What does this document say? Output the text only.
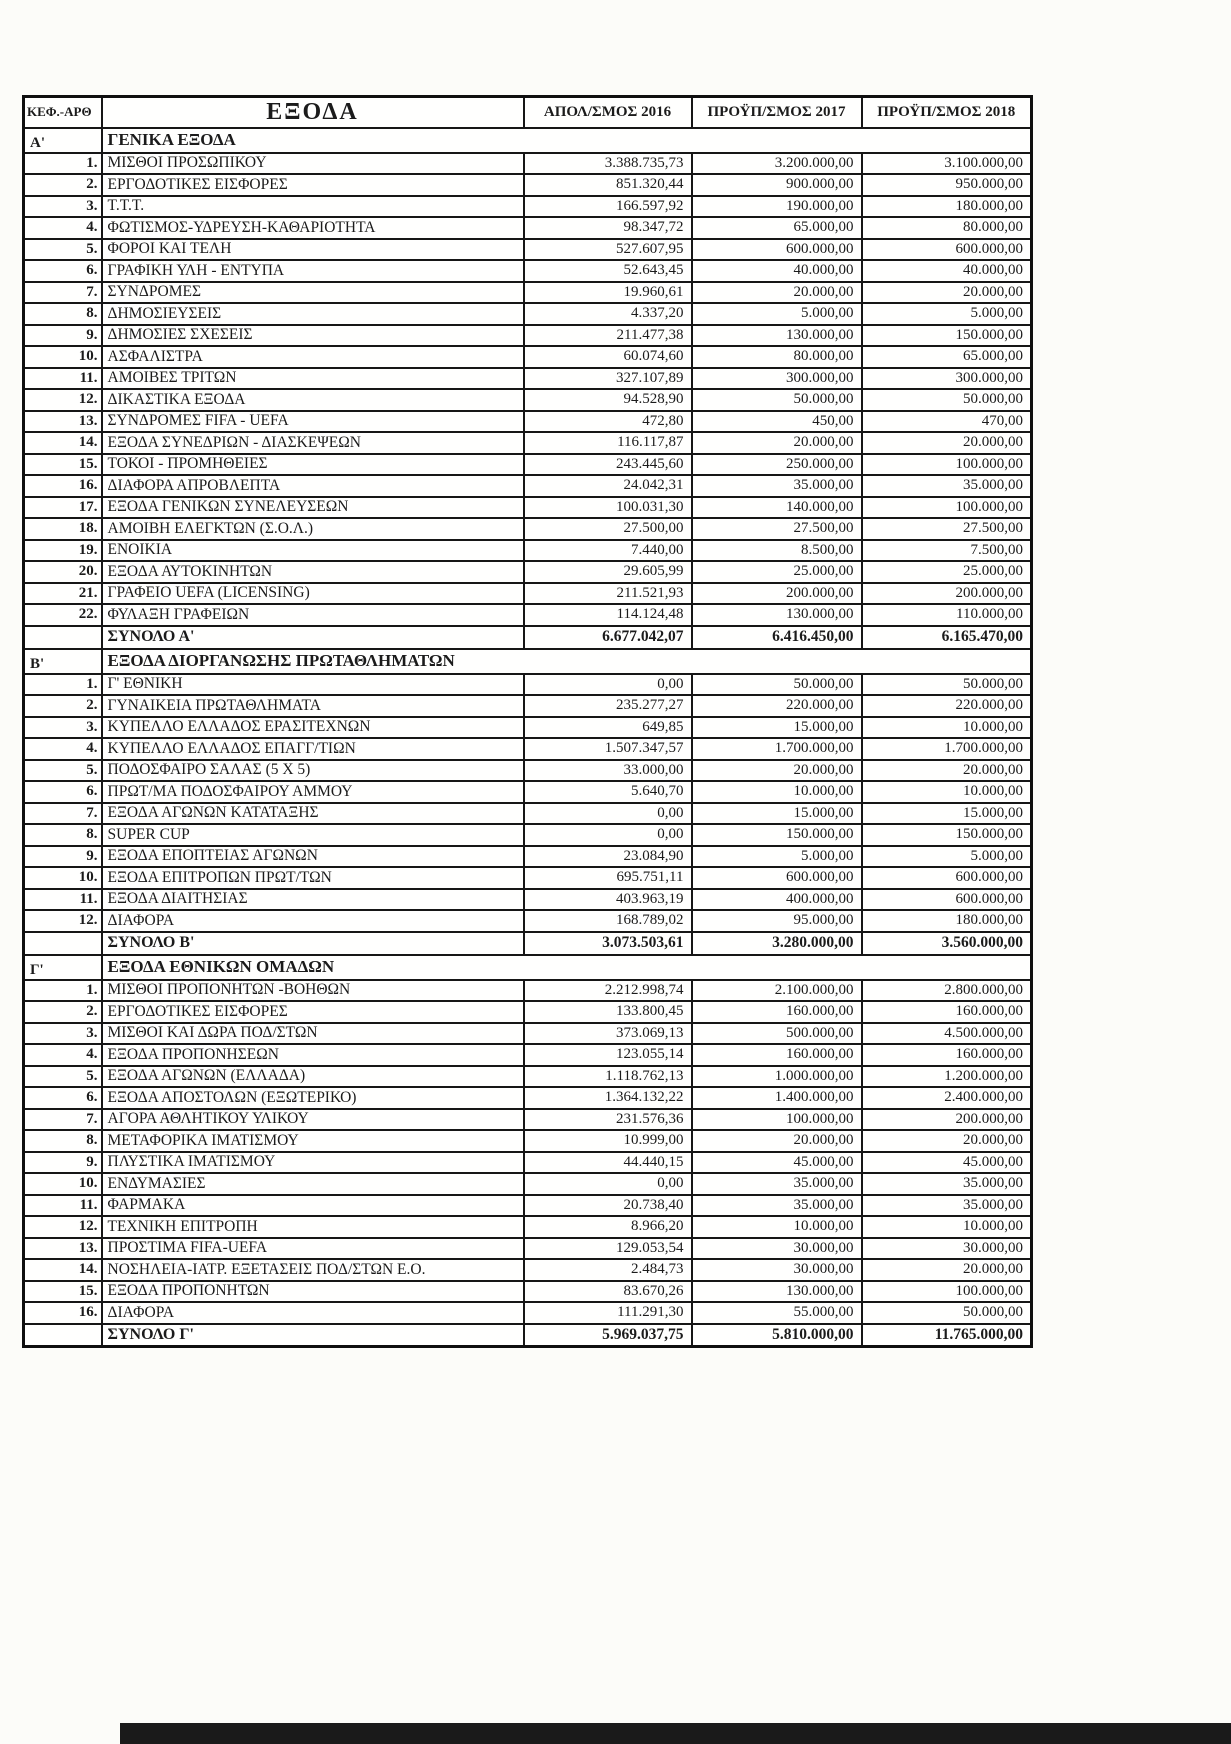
ΚΕΦ.-ΑΡΘ	ΕΞΟΔΑ	ΑΠΟΛ/ΣΜΟΣ 2016	ΠΡΟΫΠ/ΣΜΟΣ 2017	ΠΡΟΫΠ/ΣΜΟΣ 2018
Α'	ΓΕΝΙΚΑ ΕΞΟΔΑ			
1.	ΜΙΣΘΟΙ ΠΡΟΣΩΠΙΚΟΥ	3.388.735,73	3.200.000,00	3.100.000,00
2.	ΕΡΓΟΔΟΤΙΚΕΣ ΕΙΣΦΟΡΕΣ	851.320,44	900.000,00	950.000,00
3.	Τ.Τ.Τ.	166.597,92	190.000,00	180.000,00
4.	ΦΩΤΙΣΜΟΣ-ΥΔΡΕΥΣΗ-ΚΑΘΑΡΙΟΤΗΤΑ	98.347,72	65.000,00	80.000,00
5.	ΦΟΡΟΙ ΚΑΙ ΤΕΛΗ	527.607,95	600.000,00	600.000,00
6.	ΓΡΑΦΙΚΗ ΥΛΗ - ΕΝΤΥΠΑ	52.643,45	40.000,00	40.000,00
7.	ΣΥΝΔΡΟΜΕΣ	19.960,61	20.000,00	20.000,00
8.	ΔΗΜΟΣΙΕΥΣΕΙΣ	4.337,20	5.000,00	5.000,00
9.	ΔΗΜΟΣΙΕΣ ΣΧΕΣΕΙΣ	211.477,38	130.000,00	150.000,00
10.	ΑΣΦΑΛΙΣΤΡΑ	60.074,60	80.000,00	65.000,00
11.	ΑΜΟΙΒΕΣ ΤΡΙΤΩΝ	327.107,89	300.000,00	300.000,00
12.	ΔΙΚΑΣΤΙΚΑ ΕΞΟΔΑ	94.528,90	50.000,00	50.000,00
13.	ΣΥΝΔΡΟΜΕΣ FIFA - UEFA	472,80	450,00	470,00
14.	ΕΞΟΔΑ ΣΥΝΕΔΡΙΩΝ - ΔΙΑΣΚΕΨΕΩΝ	116.117,87	20.000,00	20.000,00
15.	ΤΟΚΟΙ - ΠΡΟΜΗΘΕΙΕΣ	243.445,60	250.000,00	100.000,00
16.	ΔΙΑΦΟΡΑ ΑΠΡΟΒΛΕΠΤΑ	24.042,31	35.000,00	35.000,00
17.	ΕΞΟΔΑ ΓΕΝΙΚΩΝ ΣΥΝΕΛΕΥΣΕΩΝ	100.031,30	140.000,00	100.000,00
18.	ΑΜΟΙΒΗ ΕΛΕΓΚΤΩΝ (Σ.Ο.Λ.)	27.500,00	27.500,00	27.500,00
19.	ΕΝΟΙΚΙΑ	7.440,00	8.500,00	7.500,00
20.	ΕΞΟΔΑ ΑΥΤΟΚΙΝΗΤΩΝ	29.605,99	25.000,00	25.000,00
21.	ΓΡΑΦΕΙΟ UEFA (LICENSING)	211.521,93	200.000,00	200.000,00
22.	ΦΥΛΑΞΗ ΓΡΑΦΕΙΩΝ	114.124,48	130.000,00	110.000,00
	ΣΥΝΟΛΟ Α'	6.677.042,07	6.416.450,00	6.165.470,00
Β'	ΕΞΟΔΑ ΔΙΟΡΓΑΝΩΣΗΣ ΠΡΩΤΑΘΛΗΜΑΤΩΝ			
1.	Γ' ΕΘΝΙΚΗ	0,00	50.000,00	50.000,00
2.	ΓΥΝΑΙΚΕΙΑ ΠΡΩΤΑΘΛΗΜΑΤΑ	235.277,27	220.000,00	220.000,00
3.	ΚΥΠΕΛΛΟ ΕΛΛΑΔΟΣ ΕΡΑΣΙΤΕΧΝΩΝ	649,85	15.000,00	10.000,00
4.	ΚΥΠΕΛΛΟ ΕΛΛΑΔΟΣ ΕΠΑΓΓ/ΤΙΩΝ	1.507.347,57	1.700.000,00	1.700.000,00
5.	ΠΟΔΟΣΦΑΙΡΟ ΣΑΛΑΣ (5 Χ 5)	33.000,00	20.000,00	20.000,00
6.	ΠΡΩΤ/ΜΑ ΠΟΔΟΣΦΑΙΡΟΥ ΑΜΜΟΥ	5.640,70	10.000,00	10.000,00
7.	ΕΞΟΔΑ ΑΓΩΝΩΝ ΚΑΤΑΤΑΞΗΣ	0,00	15.000,00	15.000,00
8.	SUPER CUP	0,00	150.000,00	150.000,00
9.	ΕΞΟΔΑ ΕΠΟΠΤΕΙΑΣ ΑΓΩΝΩΝ	23.084,90	5.000,00	5.000,00
10.	ΕΞΟΔΑ ΕΠΙΤΡΟΠΩΝ ΠΡΩΤ/ΤΩΝ	695.751,11	600.000,00	600.000,00
11.	ΕΞΟΔΑ ΔΙΑΙΤΗΣΙΑΣ	403.963,19	400.000,00	600.000,00
12.	ΔΙΑΦΟΡΑ	168.789,02	95.000,00	180.000,00
	ΣΥΝΟΛΟ Β'	3.073.503,61	3.280.000,00	3.560.000,00
Γ'	ΕΞΟΔΑ ΕΘΝΙΚΩΝ ΟΜΑΔΩΝ			
1.	ΜΙΣΘΟΙ ΠΡΟΠΟΝΗΤΩΝ -ΒΟΗΘΩΝ	2.212.998,74	2.100.000,00	2.800.000,00
2.	ΕΡΓΟΔΟΤΙΚΕΣ ΕΙΣΦΟΡΕΣ	133.800,45	160.000,00	160.000,00
3.	ΜΙΣΘΟΙ ΚΑΙ ΔΩΡΑ ΠΟΔ/ΣΤΩΝ	373.069,13	500.000,00	4.500.000,00
4.	ΕΞΟΔΑ ΠΡΟΠΟΝΗΣΕΩΝ	123.055,14	160.000,00	160.000,00
5.	ΕΞΟΔΑ ΑΓΩΝΩΝ (ΕΛΛΑΔΑ)	1.118.762,13	1.000.000,00	1.200.000,00
6.	ΕΞΟΔΑ ΑΠΟΣΤΟΛΩΝ (ΕΞΩΤΕΡΙΚΟ)	1.364.132,22	1.400.000,00	2.400.000,00
7.	ΑΓΟΡΑ ΑΘΛΗΤΙΚΟΥ ΥΛΙΚΟΥ	231.576,36	100.000,00	200.000,00
8.	ΜΕΤΑΦΟΡΙΚΑ ΙΜΑΤΙΣΜΟΥ	10.999,00	20.000,00	20.000,00
9.	ΠΛΥΣΤΙΚΑ ΙΜΑΤΙΣΜΟΥ	44.440,15	45.000,00	45.000,00
10.	ΕΝΔΥΜΑΣΙΕΣ	0,00	35.000,00	35.000,00
11.	ΦΑΡΜΑΚΑ	20.738,40	35.000,00	35.000,00
12.	ΤΕΧΝΙΚΗ ΕΠΙΤΡΟΠΗ	8.966,20	10.000,00	10.000,00
13.	ΠΡΟΣΤΙΜΑ FIFA-UEFA	129.053,54	30.000,00	30.000,00
14.	ΝΟΣΗΛΕΙΑ-ΙΑΤΡ. ΕΞΕΤΑΣΕΙΣ ΠΟΔ/ΣΤΩΝ Ε.Ο.	2.484,73	30.000,00	20.000,00
15.	ΕΞΟΔΑ ΠΡΟΠΟΝΗΤΩΝ	83.670,26	130.000,00	100.000,00
16.	ΔΙΑΦΟΡΑ	111.291,30	55.000,00	50.000,00
	ΣΥΝΟΛΟ Γ'	5.969.037,75	5.810.000,00	11.765.000,00
